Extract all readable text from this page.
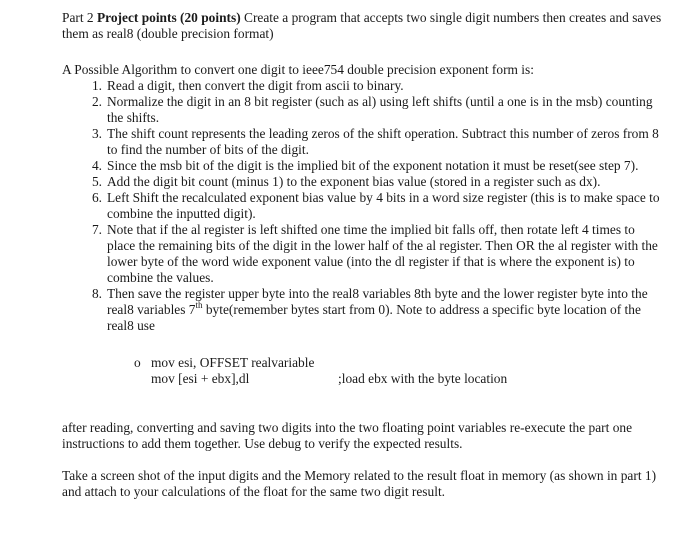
Part 2 Project points (20 points) Create a program that accepts two single digit numbers then creates and saves them as real8 (double precision format)
A Possible Algorithm to convert one digit to ieee754 double precision exponent form is:
1. Read a digit, then convert the digit from ascii to binary.
2. Normalize the digit in an 8 bit register (such as al) using left shifts (until a one is in the msb) counting the shifts.
3. The shift count represents the leading zeros of the shift operation. Subtract this number of zeros from 8 to find the number of bits of the digit.
4. Since the msb bit of the digit is the implied bit of the exponent notation it must be reset(see step 7).
5. Add the digit bit count (minus 1) to the exponent bias value (stored in a register such as dx).
6. Left Shift the recalculated exponent bias value by 4 bits in a word size register (this is to make space to combine the inputted digit).
7. Note that if the al register is left shifted one time the implied bit falls off, then rotate left 4 times to place the remaining bits of the digit in the lower half of the al register. Then OR the al register with the lower byte of the word wide exponent value (into the dl register if that is where the exponent is) to combine the values.
8. Then save the register upper byte into the real8 variables 8th byte and the lower register byte into the real8 variables 7th byte(remember bytes start from 0). Note to address a specific byte location of the real8 use
o mov esi, OFFSET realvariable
mov [esi + ebx],dl	;load ebx with the byte location
after reading, converting and saving two digits into the two floating point variables re-execute the part one instructions to add them together. Use debug to verify the expected results.
Take a screen shot of the input digits and the Memory related to the result float in memory (as shown in part 1) and attach to your calculations of the float for the same two digit result.
